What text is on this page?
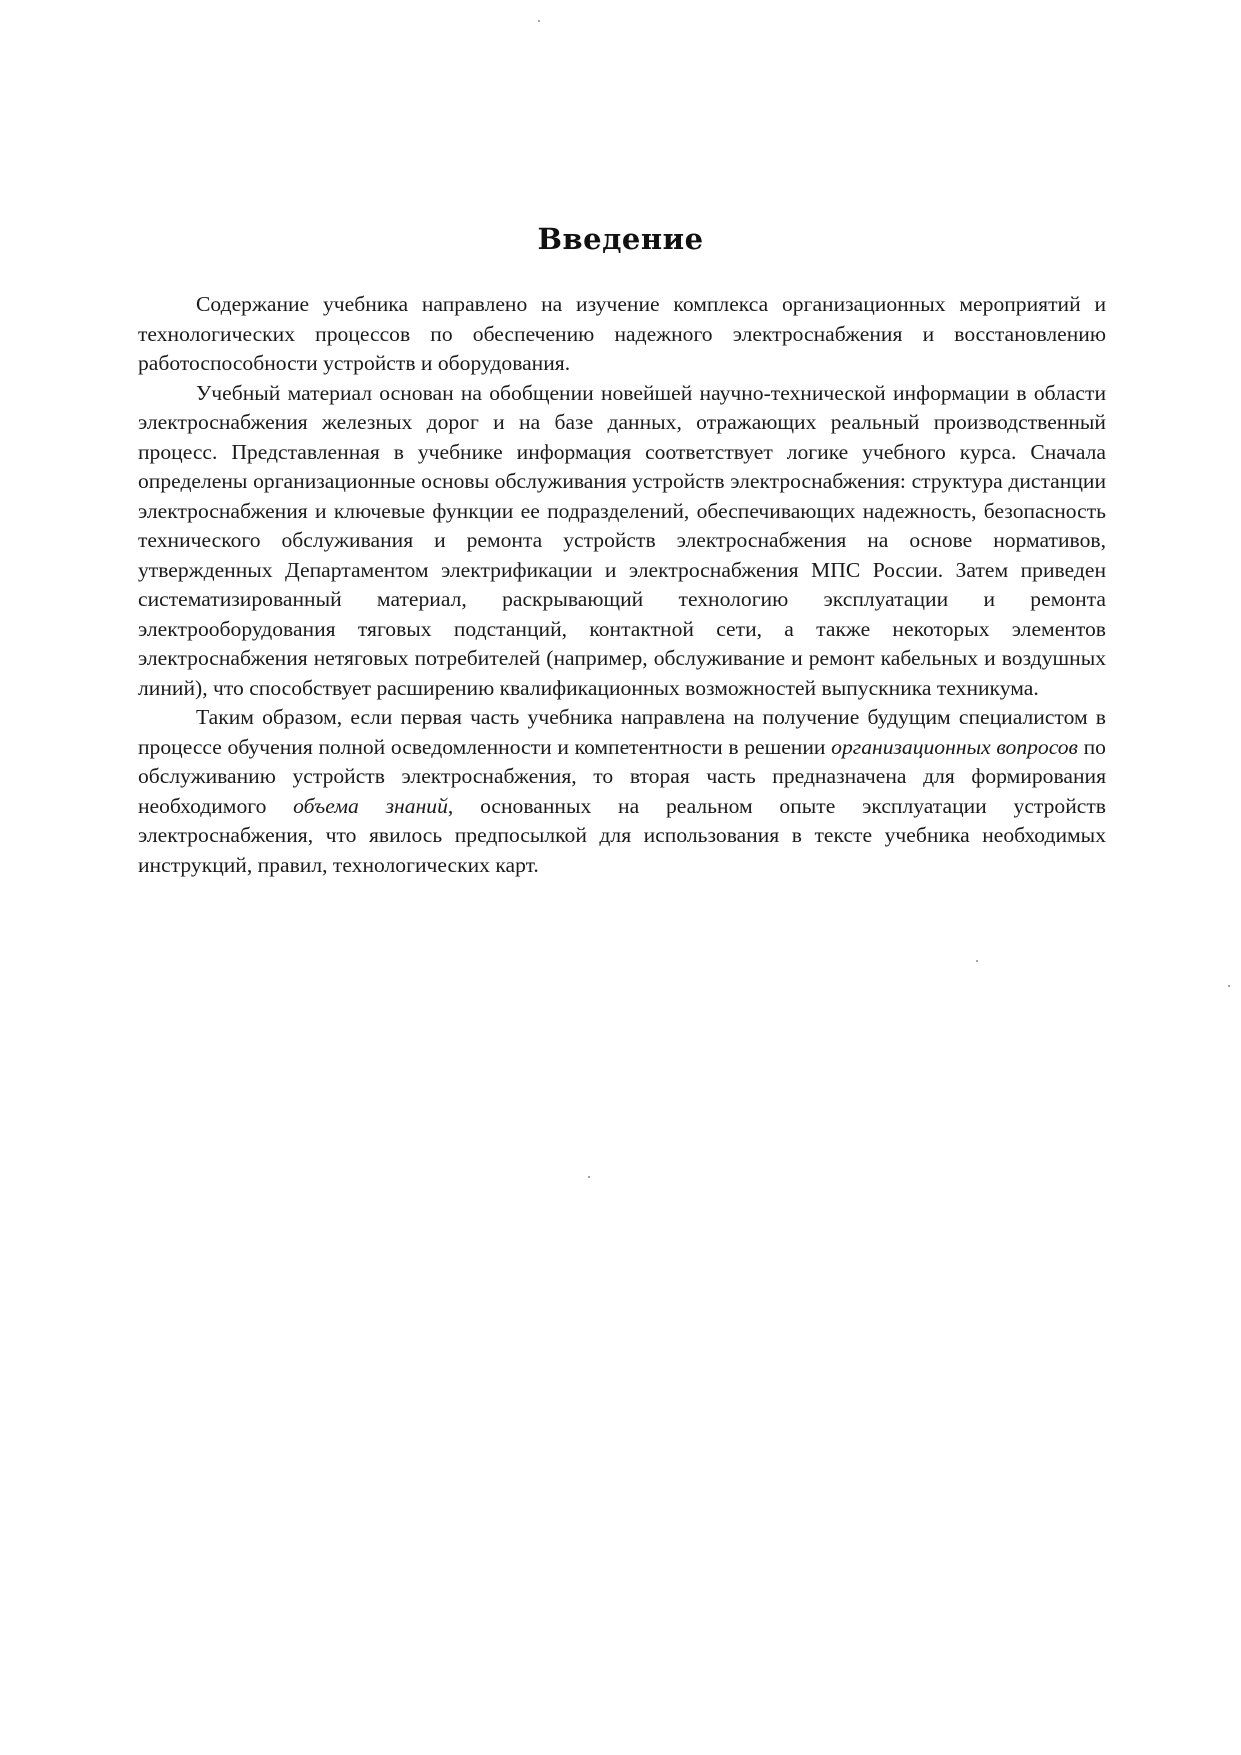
Введение

Содержание учебника направлено на изучение комплекса организационных мероприятий и технологических процессов по обеспечению надежного электроснабжения и восстановлению работоспособности устройств и оборудования.

Учебный материал основан на обобщении новейшей научно-технической информации в области электроснабжения железных дорог и на базе данных, отражающих реальный производственный процесс. Представленная в учебнике информация соответствует логике учебного курса. Сначала определены организационные основы обслуживания устройств электроснабжения: структура дистанции электроснабжения и ключевые функции ее подразделений, обеспечивающих надежность, безопасность технического обслуживания и ремонта устройств электроснабжения на основе нормативов, утвержденных Департаментом электрификации и электроснабжения МПС России. Затем приведен систематизированный материал, раскрывающий технологию эксплуатации и ремонта электрооборудования тяговых подстанций, контактной сети, а также некоторых элементов электроснабжения нетяговых потребителей (например, обслуживание и ремонт кабельных и воздушных линий), что способствует расширению квалификационных возможностей выпускника техникума.

Таким образом, если первая часть учебника направлена на получение будущим специалистом в процессе обучения полной осведомленности и компетентности в решении организационных вопросов по обслуживанию устройств электроснабжения, то вторая часть предназначена для формирования необходимого объема знаний, основанных на реальном опыте эксплуатации устройств электроснабжения, что явилось предпосылкой для использования в тексте учебника необходимых инструкций, правил, технологических карт.
